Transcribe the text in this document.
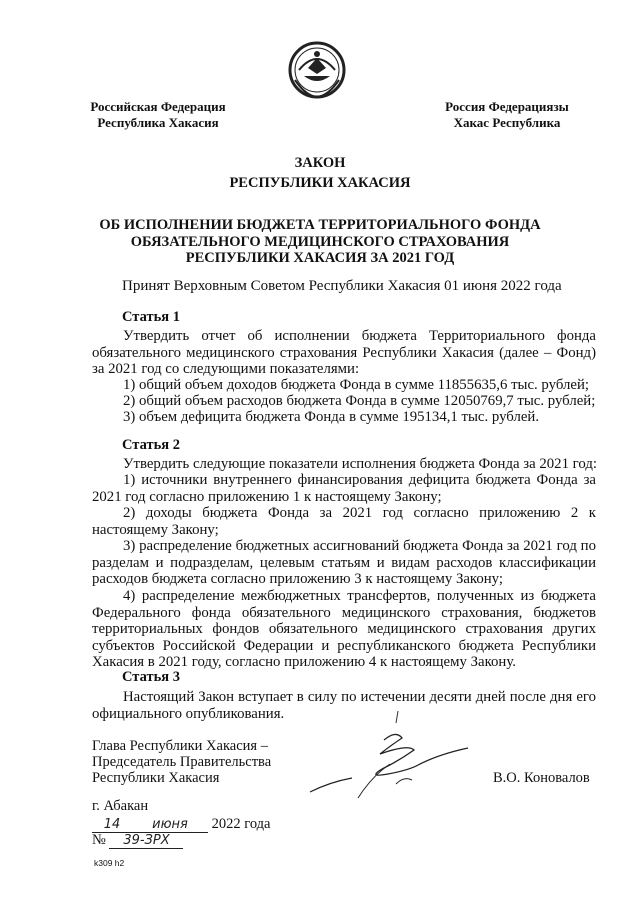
Российская Федерация
Республика Хакасия
Россия Федерациязы
Хакас Республика
ЗАКОН
РЕСПУБЛИКИ ХАКАСИЯ
ОБ ИСПОЛНЕНИИ БЮДЖЕТА ТЕРРИТОРИАЛЬНОГО ФОНДА
ОБЯЗАТЕЛЬНОГО МЕДИЦИНСКОГО СТРАХОВАНИЯ
РЕСПУБЛИКИ ХАКАСИЯ ЗА 2021 ГОД
Принят Верховным Советом Республики Хакасия 01 июня 2022 года
Статья 1
Утвердить отчет об исполнении бюджета Территориального фонда обязательного медицинского страхования Республики Хакасия (далее – Фонд) за 2021 год со следующими показателями:
1) общий объем доходов бюджета Фонда в сумме 11855635,6 тыс. рублей;
2) общий объем расходов бюджета Фонда в сумме 12050769,7 тыс. рублей;
3) объем дефицита бюджета Фонда в сумме 195134,1 тыс. рублей.
Статья 2
Утвердить следующие показатели исполнения бюджета Фонда за 2021 год:
1) источники внутреннего финансирования дефицита бюджета Фонда за 2021 год согласно приложению 1 к настоящему Закону;
2) доходы бюджета Фонда за 2021 год согласно приложению 2 к настоящему Закону;
3) распределение бюджетных ассигнований бюджета Фонда за 2021 год по разделам и подразделам, целевым статьям и видам расходов классификации расходов бюджета согласно приложению 3 к настоящему Закону;
4) распределение межбюджетных трансфертов, полученных из бюджета Федерального фонда обязательного медицинского страхования, бюджетов территориальных фондов обязательного медицинского страхования других субъектов Российской Федерации и республиканского бюджета Республики Хакасия в 2021 году, согласно приложению 4 к настоящему Закону.
Статья 3
Настоящий Закон вступает в силу по истечении десяти дней после дня его официального опубликования.
Глава Республики Хакасия –
Председатель Правительства
Республики Хакасия	В.О. Коновалов
г. Абакан
14 июня 2022 года
№ 39-ЗРХ
k309 h2
